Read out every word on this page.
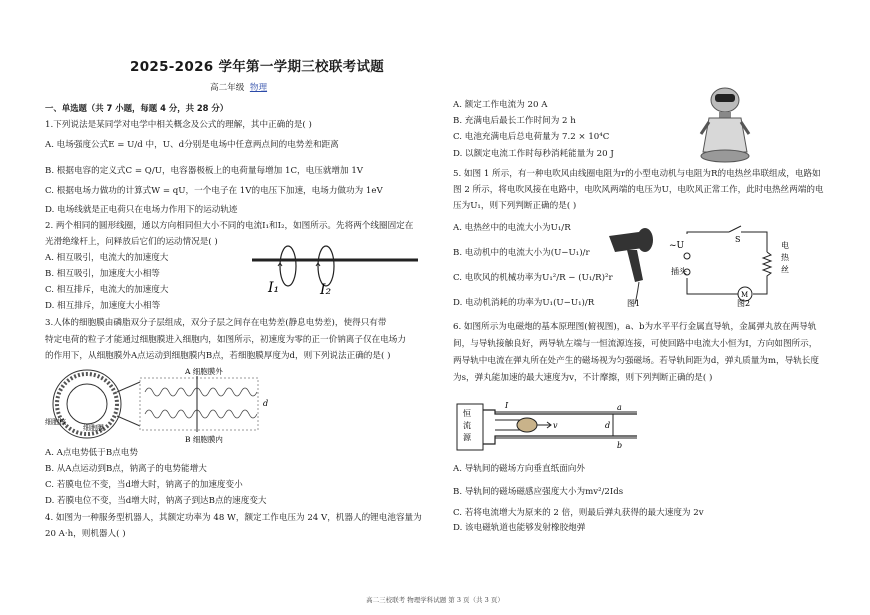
2025-2026 学年第一学期三校联考试题
高二年级 物理
一、单选题（共 7 小题，每题 4 分，共 28 分）
1.下列说法是某同学对电学中相关概念及公式的理解，其中正确的是( )
A. 电场强度公式E = U/d 中，U、d分别是电场中任意两点间的电势差和距离
B. 根据电容的定义式C = Q/U，电容器极板上的电荷量每增加 1C，电压就增加 1V
C. 根据电场力做功的计算式W = qU，一个电子在 1V的电压下加速，电场力做功为 1eV
D. 电场线就是正电荷只在电场力作用下的运动轨迹
2. 两个相同的圆形线圈，通以方向相同但大小不同的电流I₁和I₂，如图所示。先将两个线圈固定在
光滑绝缘杆上，问释放后它们的运动情况是( )
A. 相互吸引，电流大的加速度大
B. 相互吸引，加速度大小相等
C. 相互排斥，电流大的加速度大
D. 相互排斥，加速度大小相等
I₁	I₂
3.人体的细胞膜由磷脂双分子层组成，双分子层之间存在电势差(静息电势差)，使得只有带
特定电荷的粒子才能通过细胞膜进入细胞内，如图所示，初速度为零的正一价钠离子仅在电场力
的作用下，从细胞膜外A点运动到细胞膜内B点，若细胞膜厚度为d，则下列说法正确的是( )
细胞核
细胞膜
A 细胞膜外
B 细胞膜内
d
A. A点电势低于B点电势
B. 从A点运动到B点，钠离子的电势能增大
C. 若膜电位不变，当d增大时，钠离子的加速度变小
D. 若膜电位不变，当d增大时，钠离子到达B点的速度变大
4. 如图为一种服务型机器人，其额定功率为 48 W，额定工作电压为 24 V，机器人的锂电池容量为
20 A·h，则机器人( )
A. 额定工作电流为 20 A
B. 充满电后最长工作时间为 2 h
C. 电池充满电后总电荷量为 7.2 × 10⁴C
D. 以额定电流工作时每秒消耗能量为 20 J
5. 如图 1 所示，有一种电吹风由线圈电阻为r的小型电动机与电阻为R的电热丝串联组成，电路如
图 2 所示，将电吹风接在电路中，电吹风两端的电压为U，电吹风正常工作，此时电热丝两端的电
压为U₁，则下列判断正确的是( )
A. 电热丝中的电流大小为U₁/R
B. 电动机中的电流大小为(U−U₁)/r
C. 电吹风的机械功率为U₁²/R − (U₁/R)²r
D. 电动机消耗的功率为U₁(U−U₁)/R	图1
~U
S
电
热
丝
M
插头
图2
6. 如图所示为电磁炮的基本原理图(俯视图)，a、b为水平平行金属直导轨，金属弹丸放在两导轨
间，与导轨接触良好，两导轨左端与一恒流源连接，可使回路中电流大小恒为I，方向如图所示，
两导轨中电流在弹丸所在处产生的磁场视为匀强磁场。若导轨间距为d，弹丸质量为m，导轨长度
为s，弹丸能加速的最大速度为v，不计摩擦，则下列判断正确的是( )
恒
流
源
I
v
a
b
d
A. 导轨间的磁场方向垂直纸面向外
B. 导轨间的磁场磁感应强度大小为mv²/2Ids
C. 若将电流增大为原来的 2 倍，则最后弹丸获得的最大速度为 2v
D. 该电磁轨道也能够发射橡胶炮弹
高二三校联考 物理学科试题 第 3 页（共 3 页）
